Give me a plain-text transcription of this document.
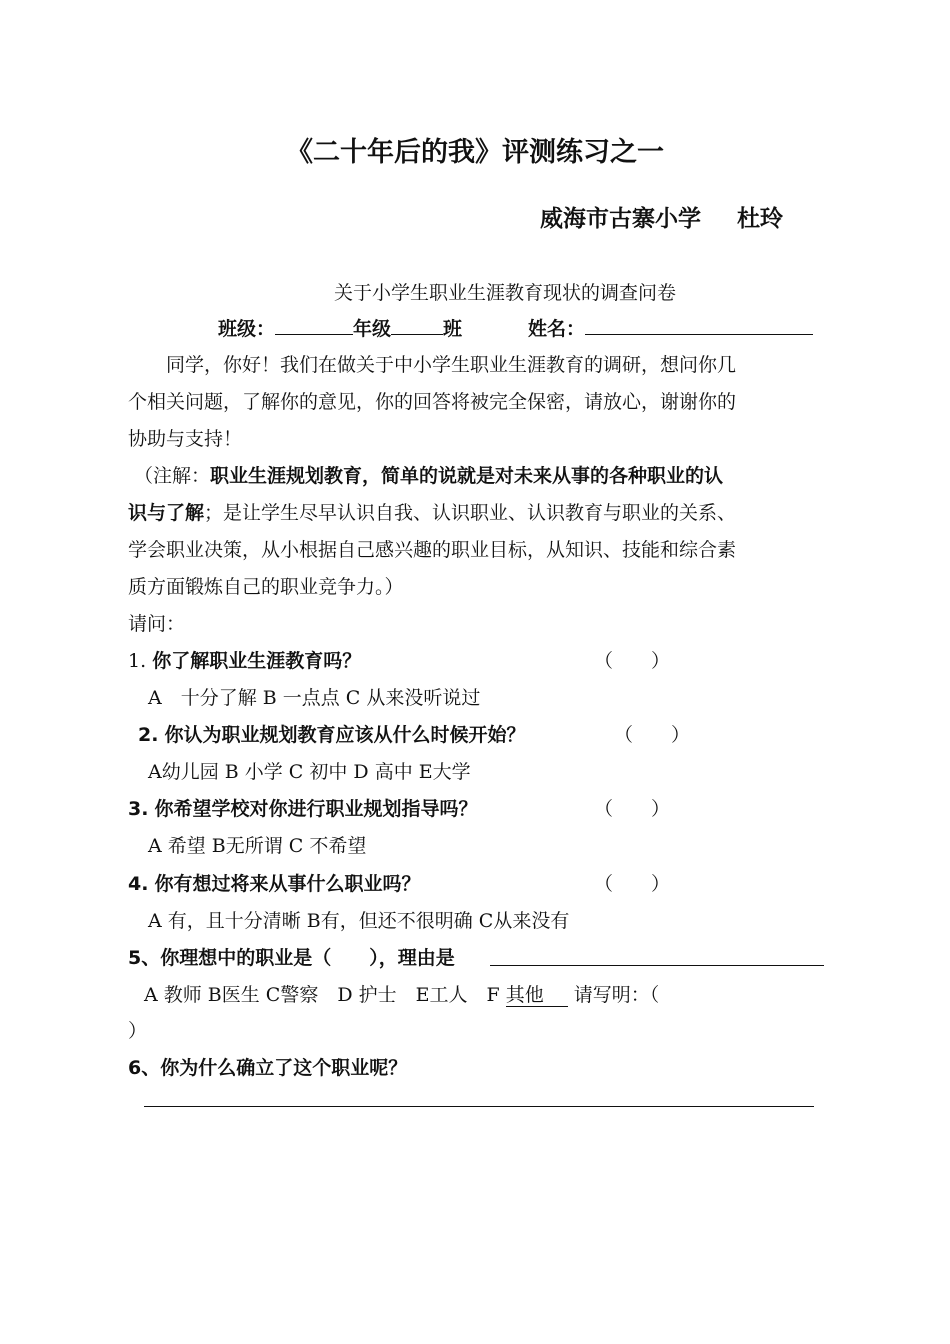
《二十年后的我》评测练习之一
威海市古寨小学 杜玲
关于小学生职业生涯教育现状的调查问卷
班级：	年级	班	姓名：
同学，你好！我们在做关于中小学生职业生涯教育的调研，想问你几
个相关问题，了解你的意见，你的回答将被完全保密，请放心，谢谢你的
协助与支持！
（注解：职业生涯规划教育，简单的说就是对未来从事的各种职业的认
识与了解；是让学生尽早认识自我、认识职业、认识教育与职业的关系、
学会职业决策，从小根据自己感兴趣的职业目标，从知识、技能和综合素
质方面锻炼自己的职业竞争力。）
请问：
1. 你了解职业生涯教育吗？	（　　）
A　十分了解 B 一点点 C 从来没听说过
2. 你认为职业规划教育应该从什么时候开始？	（　　）
A幼儿园 B 小学 C 初中 D 高中 E大学
3. 你希望学校对你进行职业规划指导吗？	（　　）
A 希望 B无所谓 C 不希望
4. 你有想过将来从事什么职业吗？	（　　）
A 有，且十分清晰 B有，但还不很明确 C从来没有
5、你理想中的职业是（　　），理由是
A 教师 B医生 C警察　D 护士　E工人　F 其他 请写明：（
）
6、你为什么确立了这个职业呢？
